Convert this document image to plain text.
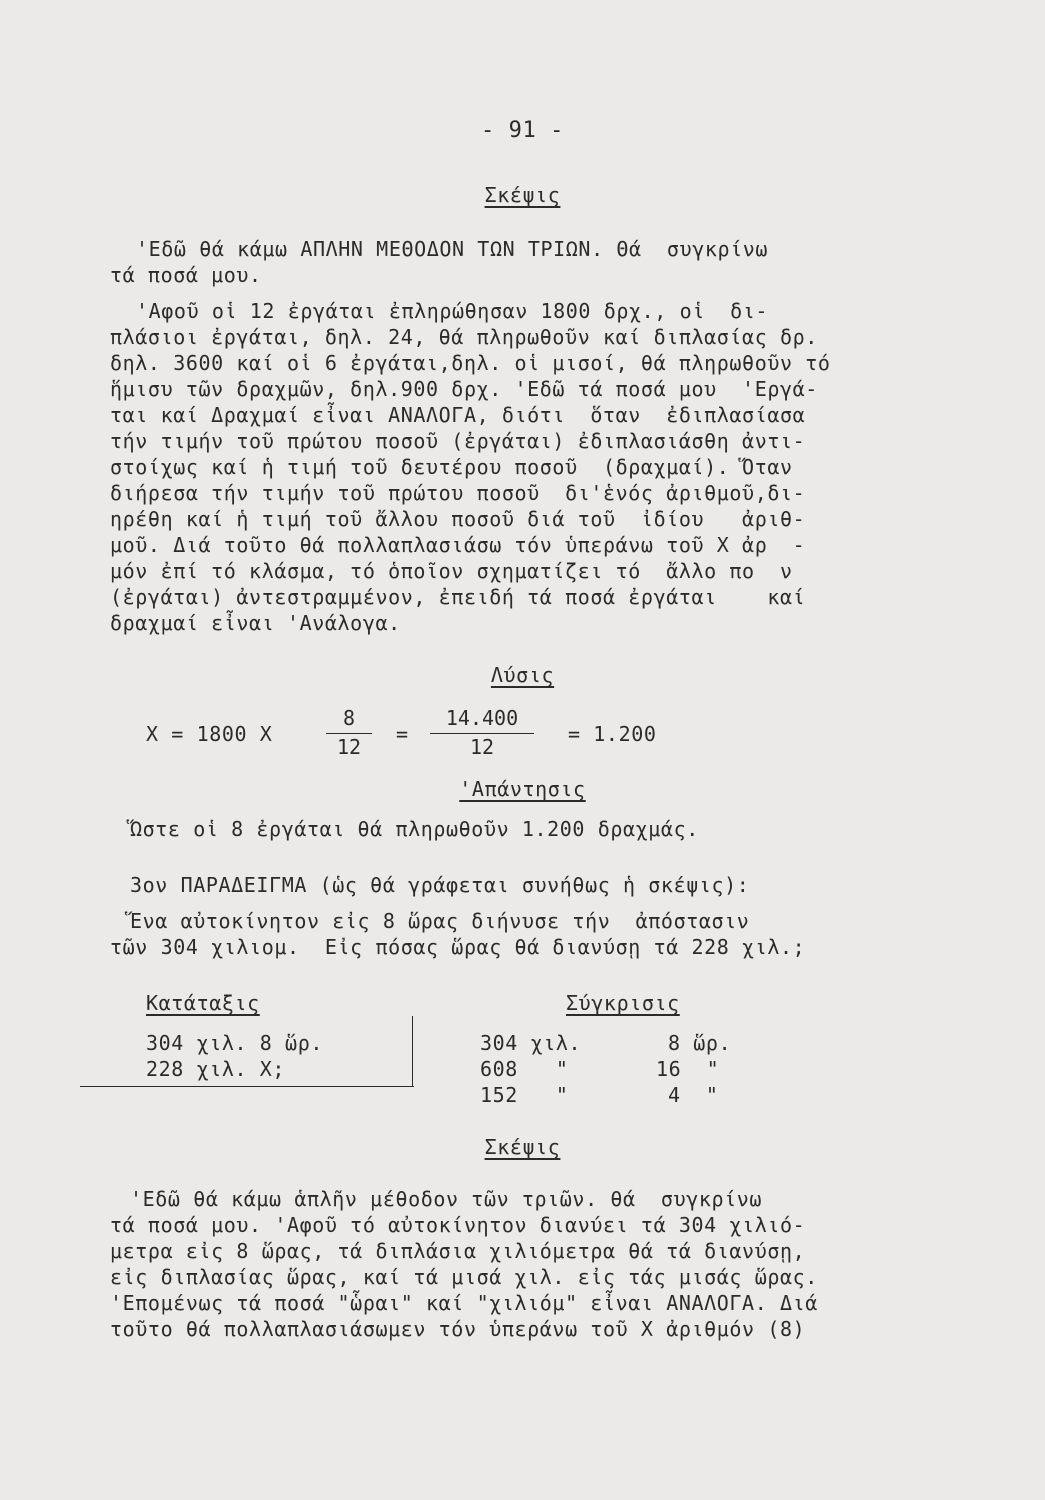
- 91 -
Σκέψις
'Εδῶ θά κάμω ΑΠΛΗΝ ΜΕΘΟΔΟΝ ΤΩΝ ΤΡΙΩΝ. Θά  συγκρίνω
τά ποσά μου.
'Αφοῦ οἱ 12 ἐργάται ἐπληρώθησαν 1800 δρχ., οἱ  δι-
πλάσιοι ἐργάται, δηλ. 24, θά πληρωθοῦν καί διπλασίας δρ.
δηλ. 3600 καί οἱ 6 ἐργάται,δηλ. οἱ μισοί, θά πληρωθοῦν τό
ἥμισυ τῶν δραχμῶν, δηλ.900 δρχ. 'Εδῶ τά ποσά μου  'Εργά-
ται καί Δραχμαί εἶναι ΑΝΑΛΟΓΑ, διότι  ὅταν  ἐδιπλασίασα
τήν τιμήν τοῦ πρώτου ποσοῦ (ἐργάται) ἐδιπλασιάσθη ἀντι-
στοίχως καί ἡ τιμή τοῦ δευτέρου ποσοῦ  (δραχμαί). Ὅταν
διήρεσα τήν τιμήν τοῦ πρώτου ποσοῦ  δι'ἑνός ἀριθμοῦ,δι-
ηρέθη καί ἡ τιμή τοῦ ἄλλου ποσοῦ διά τοῦ  ἰδίου   ἀριθ-
μοῦ. Διά τοῦτο θά πολλαπλασιάσω τόν ὑπεράνω τοῦ Χ ἀρ  -
μόν ἐπί τό κλάσμα, τό ὁποῖον σχηματίζει τό  ἄλλο πο  ν
(ἐργάται) ἀντεστραμμένον, ἐπειδή τά ποσά ἐργάται    καί
δραχμαί εἶναι 'Ανάλογα.
Λύσις
Χ = 1800 Χ
8
12
=
14.400
12
= 1.200
'Απάντησις
Ὥστε οἱ 8 ἐργάται θά πληρωθοῦν 1.200 δραχμάς.
3ον ΠΑΡΑΔΕΙΓΜΑ (ὡς θά γράφεται συνήθως ἡ σκέψις):
Ἕνα αὐτοκίνητον εἰς 8 ὥρας διήνυσε τήν  ἀπόστασιν
τῶν 304 χιλιομ.  Εἰς πόσας ὥρας θά διανύσῃ τά 228 χιλ.;
Κατάταξις
304 χιλ. 8 ὥρ.
228 χιλ. Χ;
Σύγκρισις
304 χιλ.	8 ὥρ.
608   "	16  "
152   "	4  "
Σκέψις
'Εδῶ θά κάμω ἁπλῆν μέθοδον τῶν τριῶν. θά  συγκρίνω
τά ποσά μου. 'Αφοῦ τό αὐτοκίνητον διανύει τά 304 χιλιό-
μετρα εἰς 8 ὥρας, τά διπλάσια χιλιόμετρα θά τά διανύσῃ,
εἰς διπλασίας ὥρας, καί τά μισά χιλ. εἰς τάς μισάς ὥρας.
'Επομένως τά ποσά "ὧραι" καί "χιλιόμ" εἶναι ΑΝΑΛΟΓΑ. Διά
τοῦτο θά πολλαπλασιάσωμεν τόν ὑπεράνω τοῦ Χ ἀριθμόν (8)
